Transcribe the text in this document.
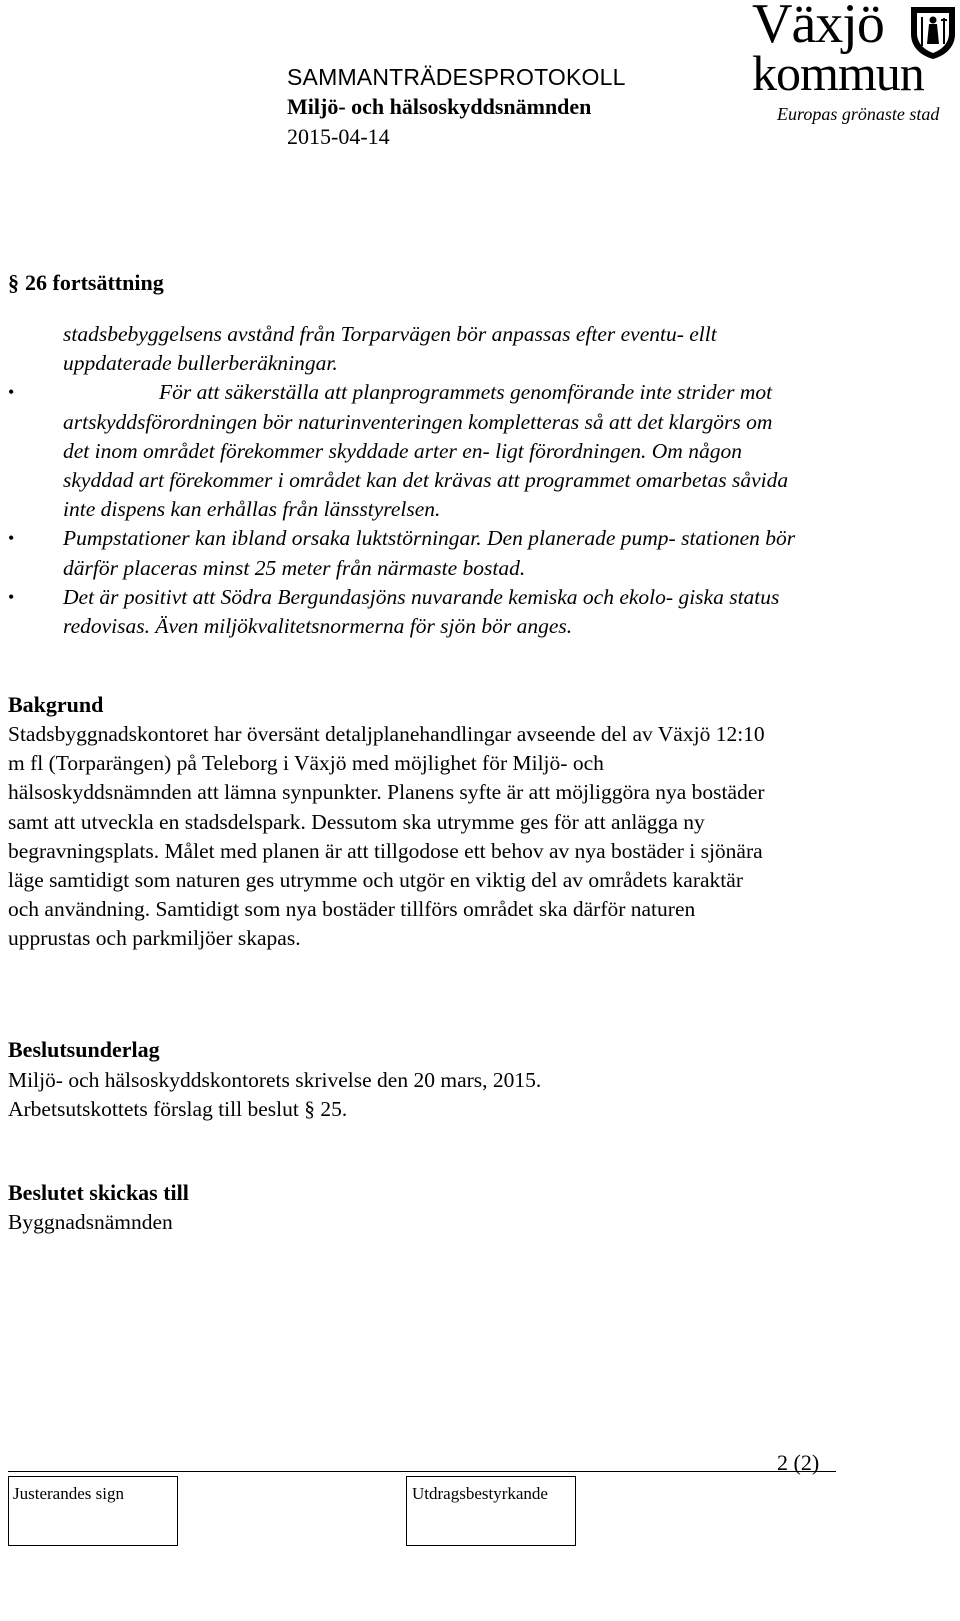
SAMMANTRÄDESPROTOKOLL
Miljö- och hälsoskyddsnämnden
2015-04-14
Växjö
kommun
Europas grönaste stad
§ 26 fortsättning

stadsbebyggelsens avstånd från Torparvägen bör anpassas efter eventu- ellt uppdaterade bullerberäkningar.

•	För att säkerställa att planprogrammets genomförande inte strider mot artskyddsförordningen bör naturinventeringen kompletteras så att det klargörs om det inom området förekommer skyddade arter en- ligt förordningen. Om någon skyddad art förekommer i området kan det krävas att programmet omarbetas såvida inte dispens kan erhållas från länsstyrelsen.

• Pumpstationer kan ibland orsaka luktstörningar. Den planerade pump- stationen bör därför placeras minst 25 meter från närmaste bostad.

• Det är positivt att Södra Bergundasjöns nuvarande kemiska och ekolo- giska status redovisas. Även miljökvalitetsnormerna för sjön bör anges.

Bakgrund

Stadsbyggnadskontoret har översänt detaljplanehandlingar avseende del av Växjö 12:10 m fl (Torparängen) på Teleborg i Växjö med möjlighet för Miljö- och hälsoskyddsnämnden att lämna synpunkter. Planens syfte är att möjliggöra nya bostäder samt att utveckla en stadsdelspark. Dessutom ska utrymme ges för att anlägga ny begravningsplats. Målet med planen är att tillgodose ett behov av nya bostäder i sjönära läge samtidigt som naturen ges utrymme och utgör en viktig del av områdets karaktär och användning. Samtidigt som nya bostäder tillförs området ska därför naturen upprustas och parkmiljöer skapas.

Beslutsunderlag

Miljö- och hälsoskyddskontorets skrivelse den 20 mars, 2015.

Arbetsutskottets förslag till beslut § 25.

Beslutet skickas till
Byggnadsnämnden
2 (2)
Justerandes sign	Utdragsbestyrkande
